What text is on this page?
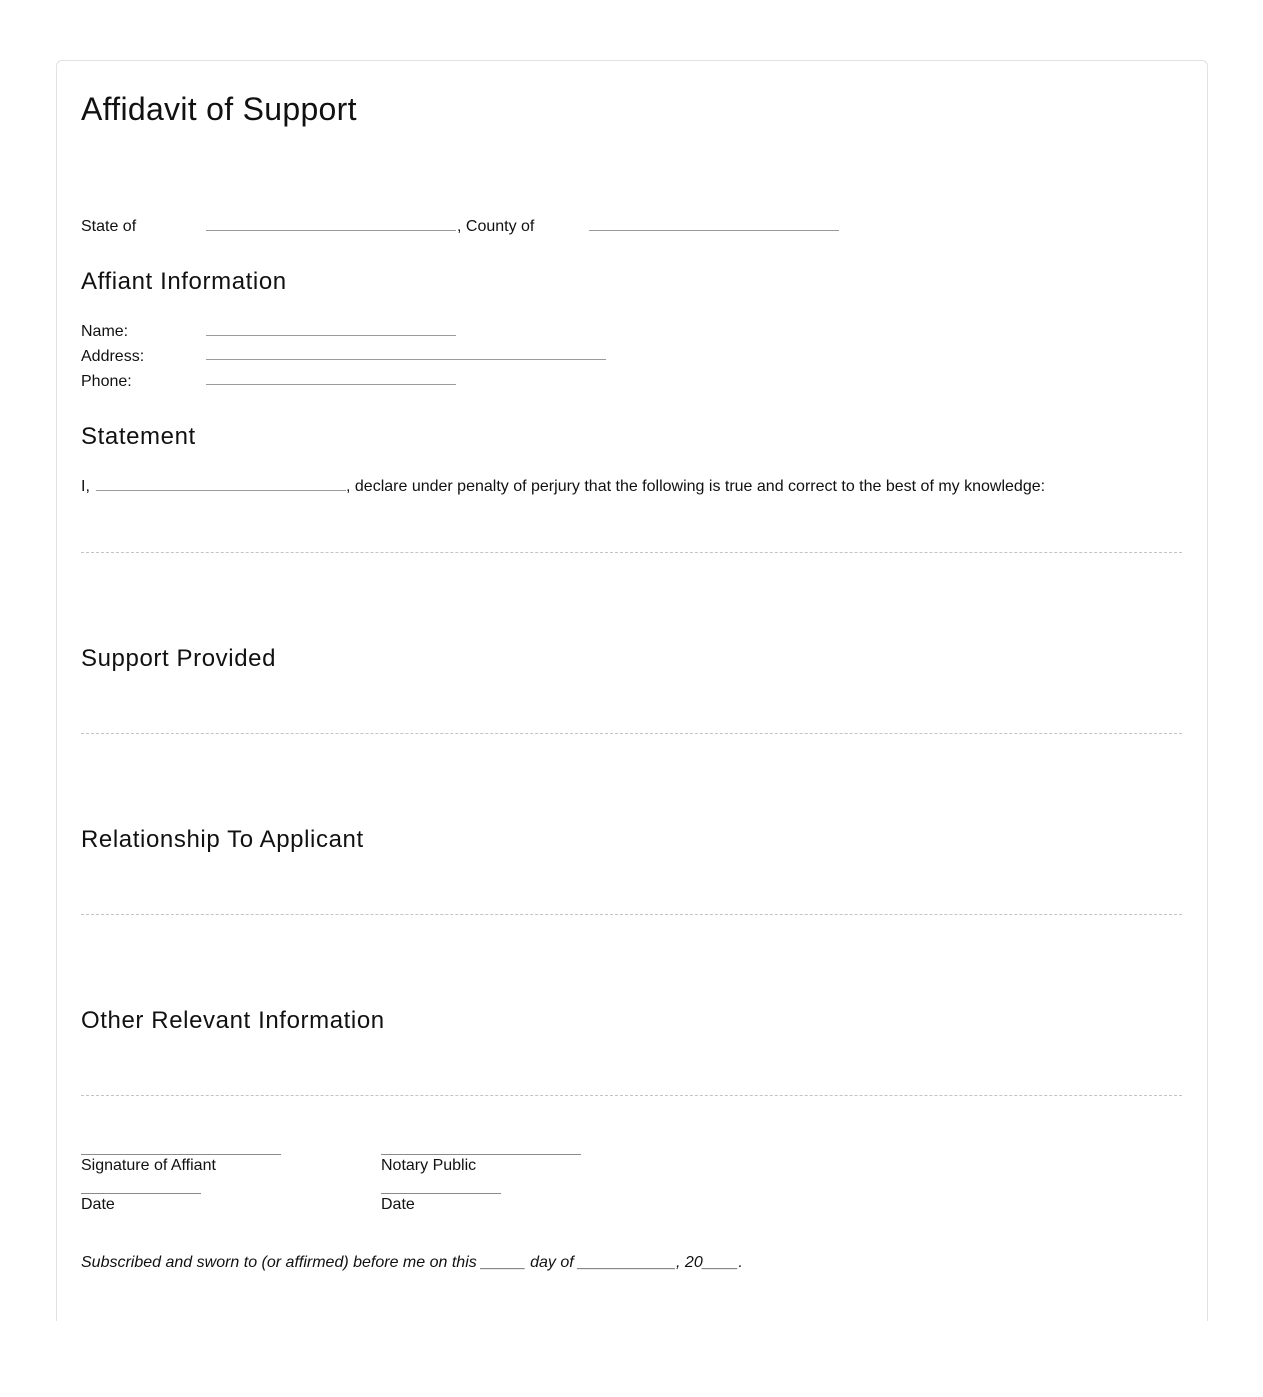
Affidavit of Support
State of	, County of
Affiant Information
Name:
Address:
Phone:
Statement
I,	, declare under penalty of perjury that the following is true and correct to the best of my knowledge:
Support Provided
Relationship To Applicant
Other Relevant Information
Signature of Affiant	Notary Public
Date	Date
Subscribed and sworn to (or affirmed) before me on this _____ day of ___________, 20____.
